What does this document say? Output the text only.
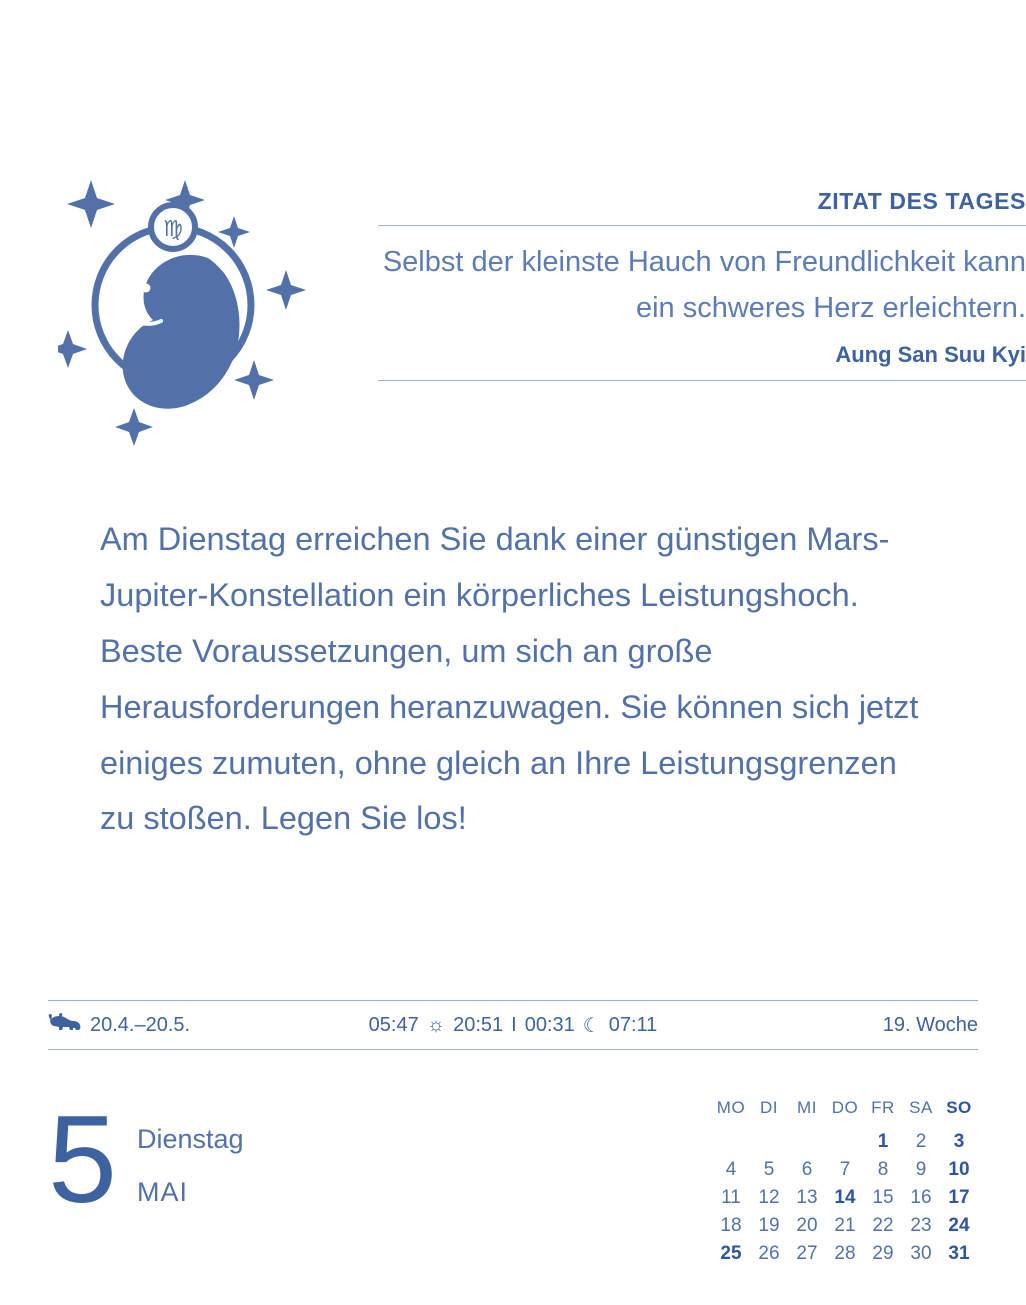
♍
ZITAT DES TAGES
Selbst der kleinste Hauch von Freundlichkeit kann ein schweres Herz erleichtern.
Aung San Suu Kyi
Am Dienstag erreichen Sie dank einer günstigen Mars-Jupiter-Konstellation ein körperliches Leistungshoch. Beste Voraussetzungen, um sich an große Herausforderungen heranzuwagen. Sie können sich jetzt einiges zumuten, ohne gleich an Ihre Leistungsgrenzen zu stoßen. Legen Sie los!
20.4.–20.5.	05:47 ☼ 20:51 I 00:31 ☾ 07:11	19. Woche
5 Dienstag
MAI
MO	DI	MI	DO	FR	SA	SO
				1	2	3
4	5	6	7	8	9	10
11	12	13	14	15	16	17
18	19	20	21	22	23	24
25	26	27	28	29	30	31
